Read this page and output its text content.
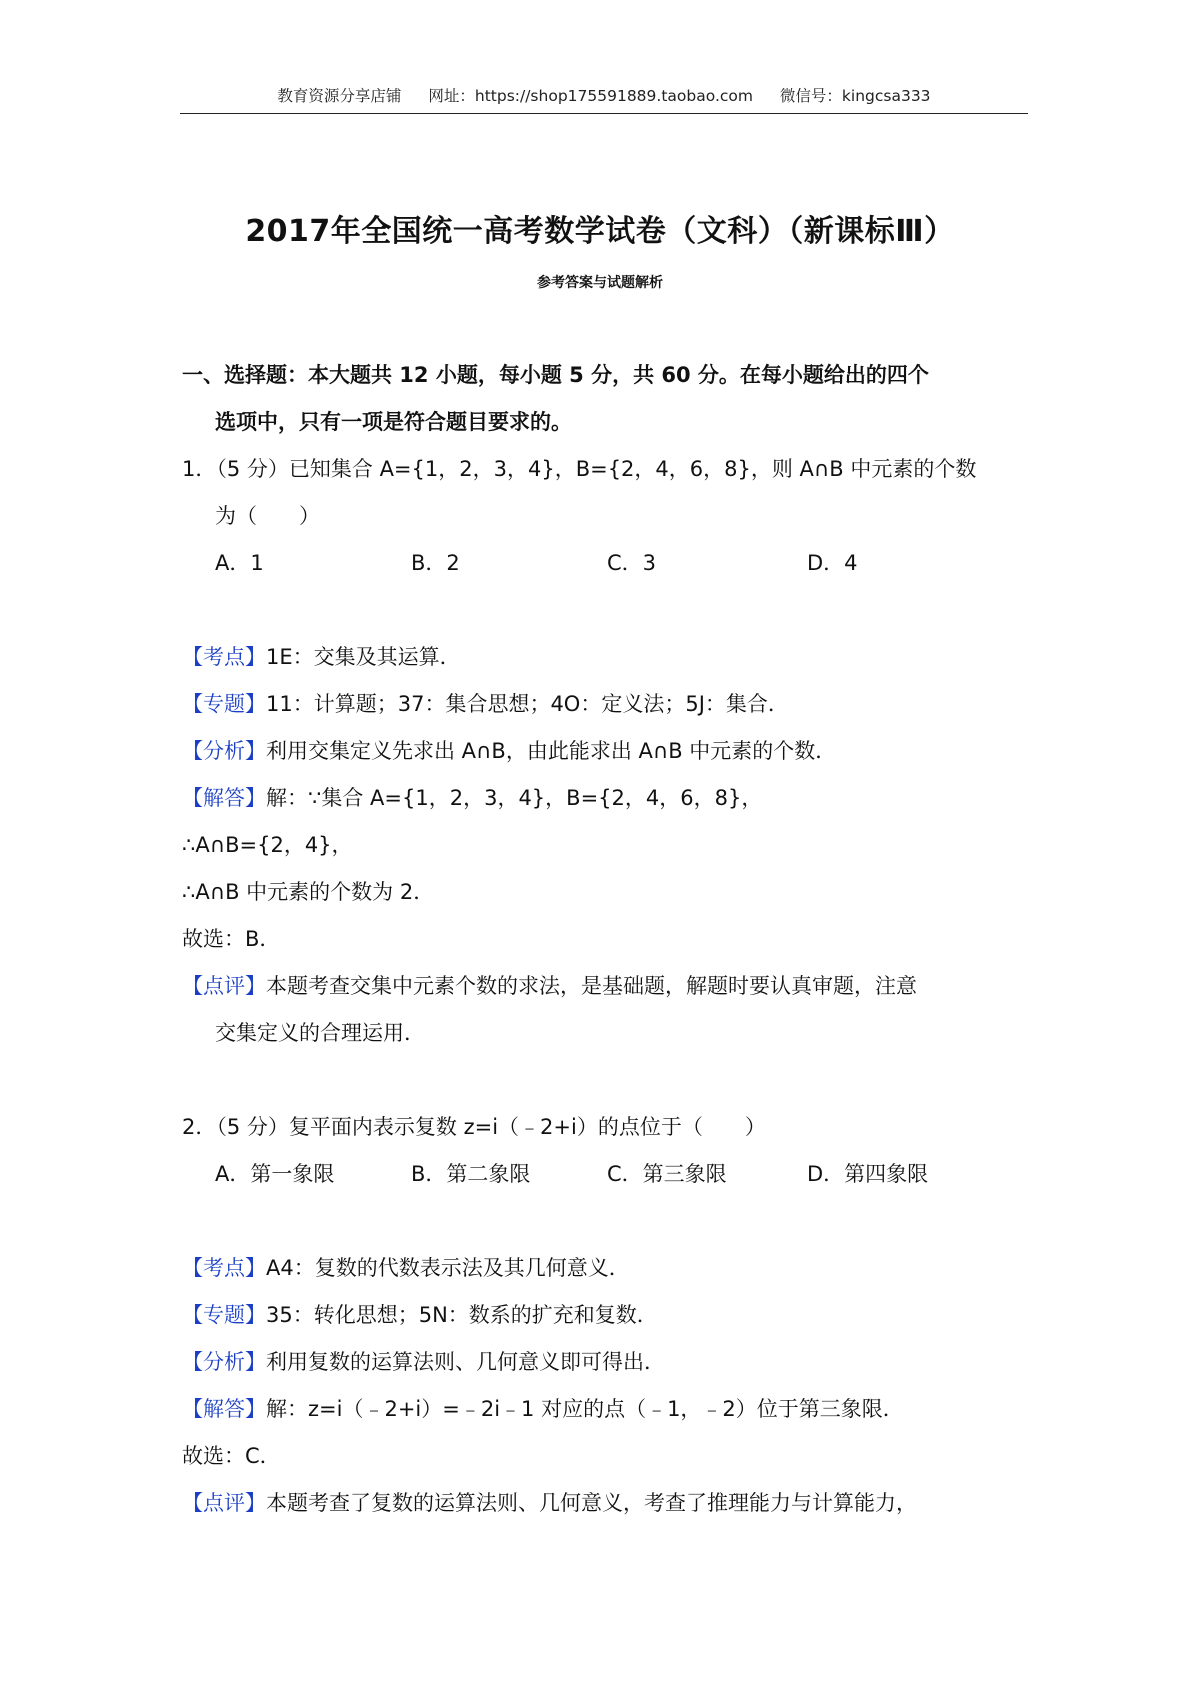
教育资源分享店铺 网址：https://shop175591889.taobao.com 微信号：kingcsa333
2017年全国统一高考数学试卷（文科）（新课标Ⅲ）
参考答案与试题解析
一、选择题：本大题共 12 小题，每小题 5 分，共 60 分。在每小题给出的四个
选项中，只有一项是符合题目要求的。
1．（5 分）已知集合 A={1，2，3，4}，B={2，4，6，8}，则 A∩B 中元素的个数
为（　　）
A．1	B．2	C．3	D．4
【考点】1E：交集及其运算．
【专题】11：计算题；37：集合思想；4O：定义法；5J：集合．
【分析】利用交集定义先求出 A∩B，由此能求出 A∩B 中元素的个数．
【解答】解：∵集合 A={1，2，3，4}，B={2，4，6，8}，
∴A∩B={2，4}，
∴A∩B 中元素的个数为 2．
故选：B．
【点评】本题考查交集中元素个数的求法，是基础题，解题时要认真审题，注意
交集定义的合理运用．
2．（5 分）复平面内表示复数 z=i（﹣2+i）的点位于（　　）
A．第一象限	B．第二象限	C．第三象限	D．第四象限
【考点】A4：复数的代数表示法及其几何意义．
【专题】35：转化思想；5N：数系的扩充和复数．
【分析】利用复数的运算法则、几何意义即可得出．
【解答】解：z=i（﹣2+i）=﹣2i﹣1 对应的点（﹣1，﹣2）位于第三象限．
故选：C．
【点评】本题考查了复数的运算法则、几何意义，考查了推理能力与计算能力，
